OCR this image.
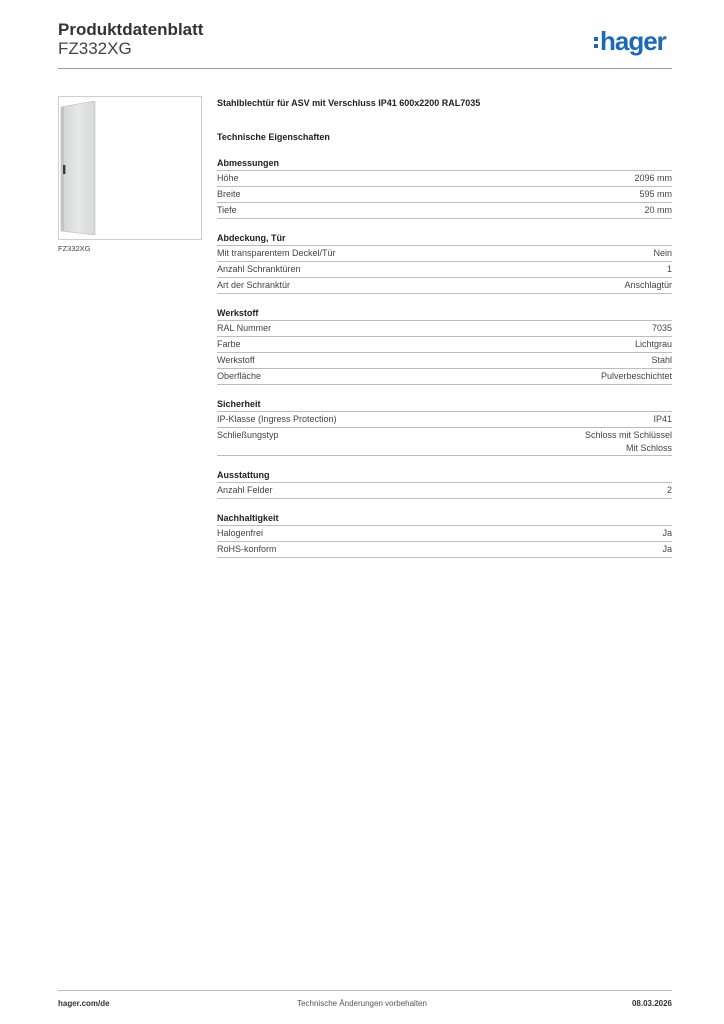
Produktdatenblatt
FZ332XG	hager
FZ332XG
Stahlblechtür für ASV mit Verschluss IP41 600x2200 RAL7035
Technische Eigenschaften
Abmessungen
Höhe	2096 mm
Breite	595 mm
Tiefe	20 mm
Abdeckung, Tür
Mit transparentem Deckel/Tür	Nein
Anzahl Schranktüren	1
Art der Schranktür	Anschlagtür
Werkstoff
RAL Nummer	7035
Farbe	Lichtgrau
Werkstoff	Stahl
Oberfläche	Pulverbeschichtet
Sicherheit
IP-Klasse (Ingress Protection)	IP41
Schließungstyp	Schloss mit Schlüssel
Mit Schloss
Ausstattung
Anzahl Felder	2
Nachhaltigkeit
Halogenfrei	Ja
RoHS-konform	Ja
hager.com/de	Technische Änderungen vorbehalten	08.03.2026
